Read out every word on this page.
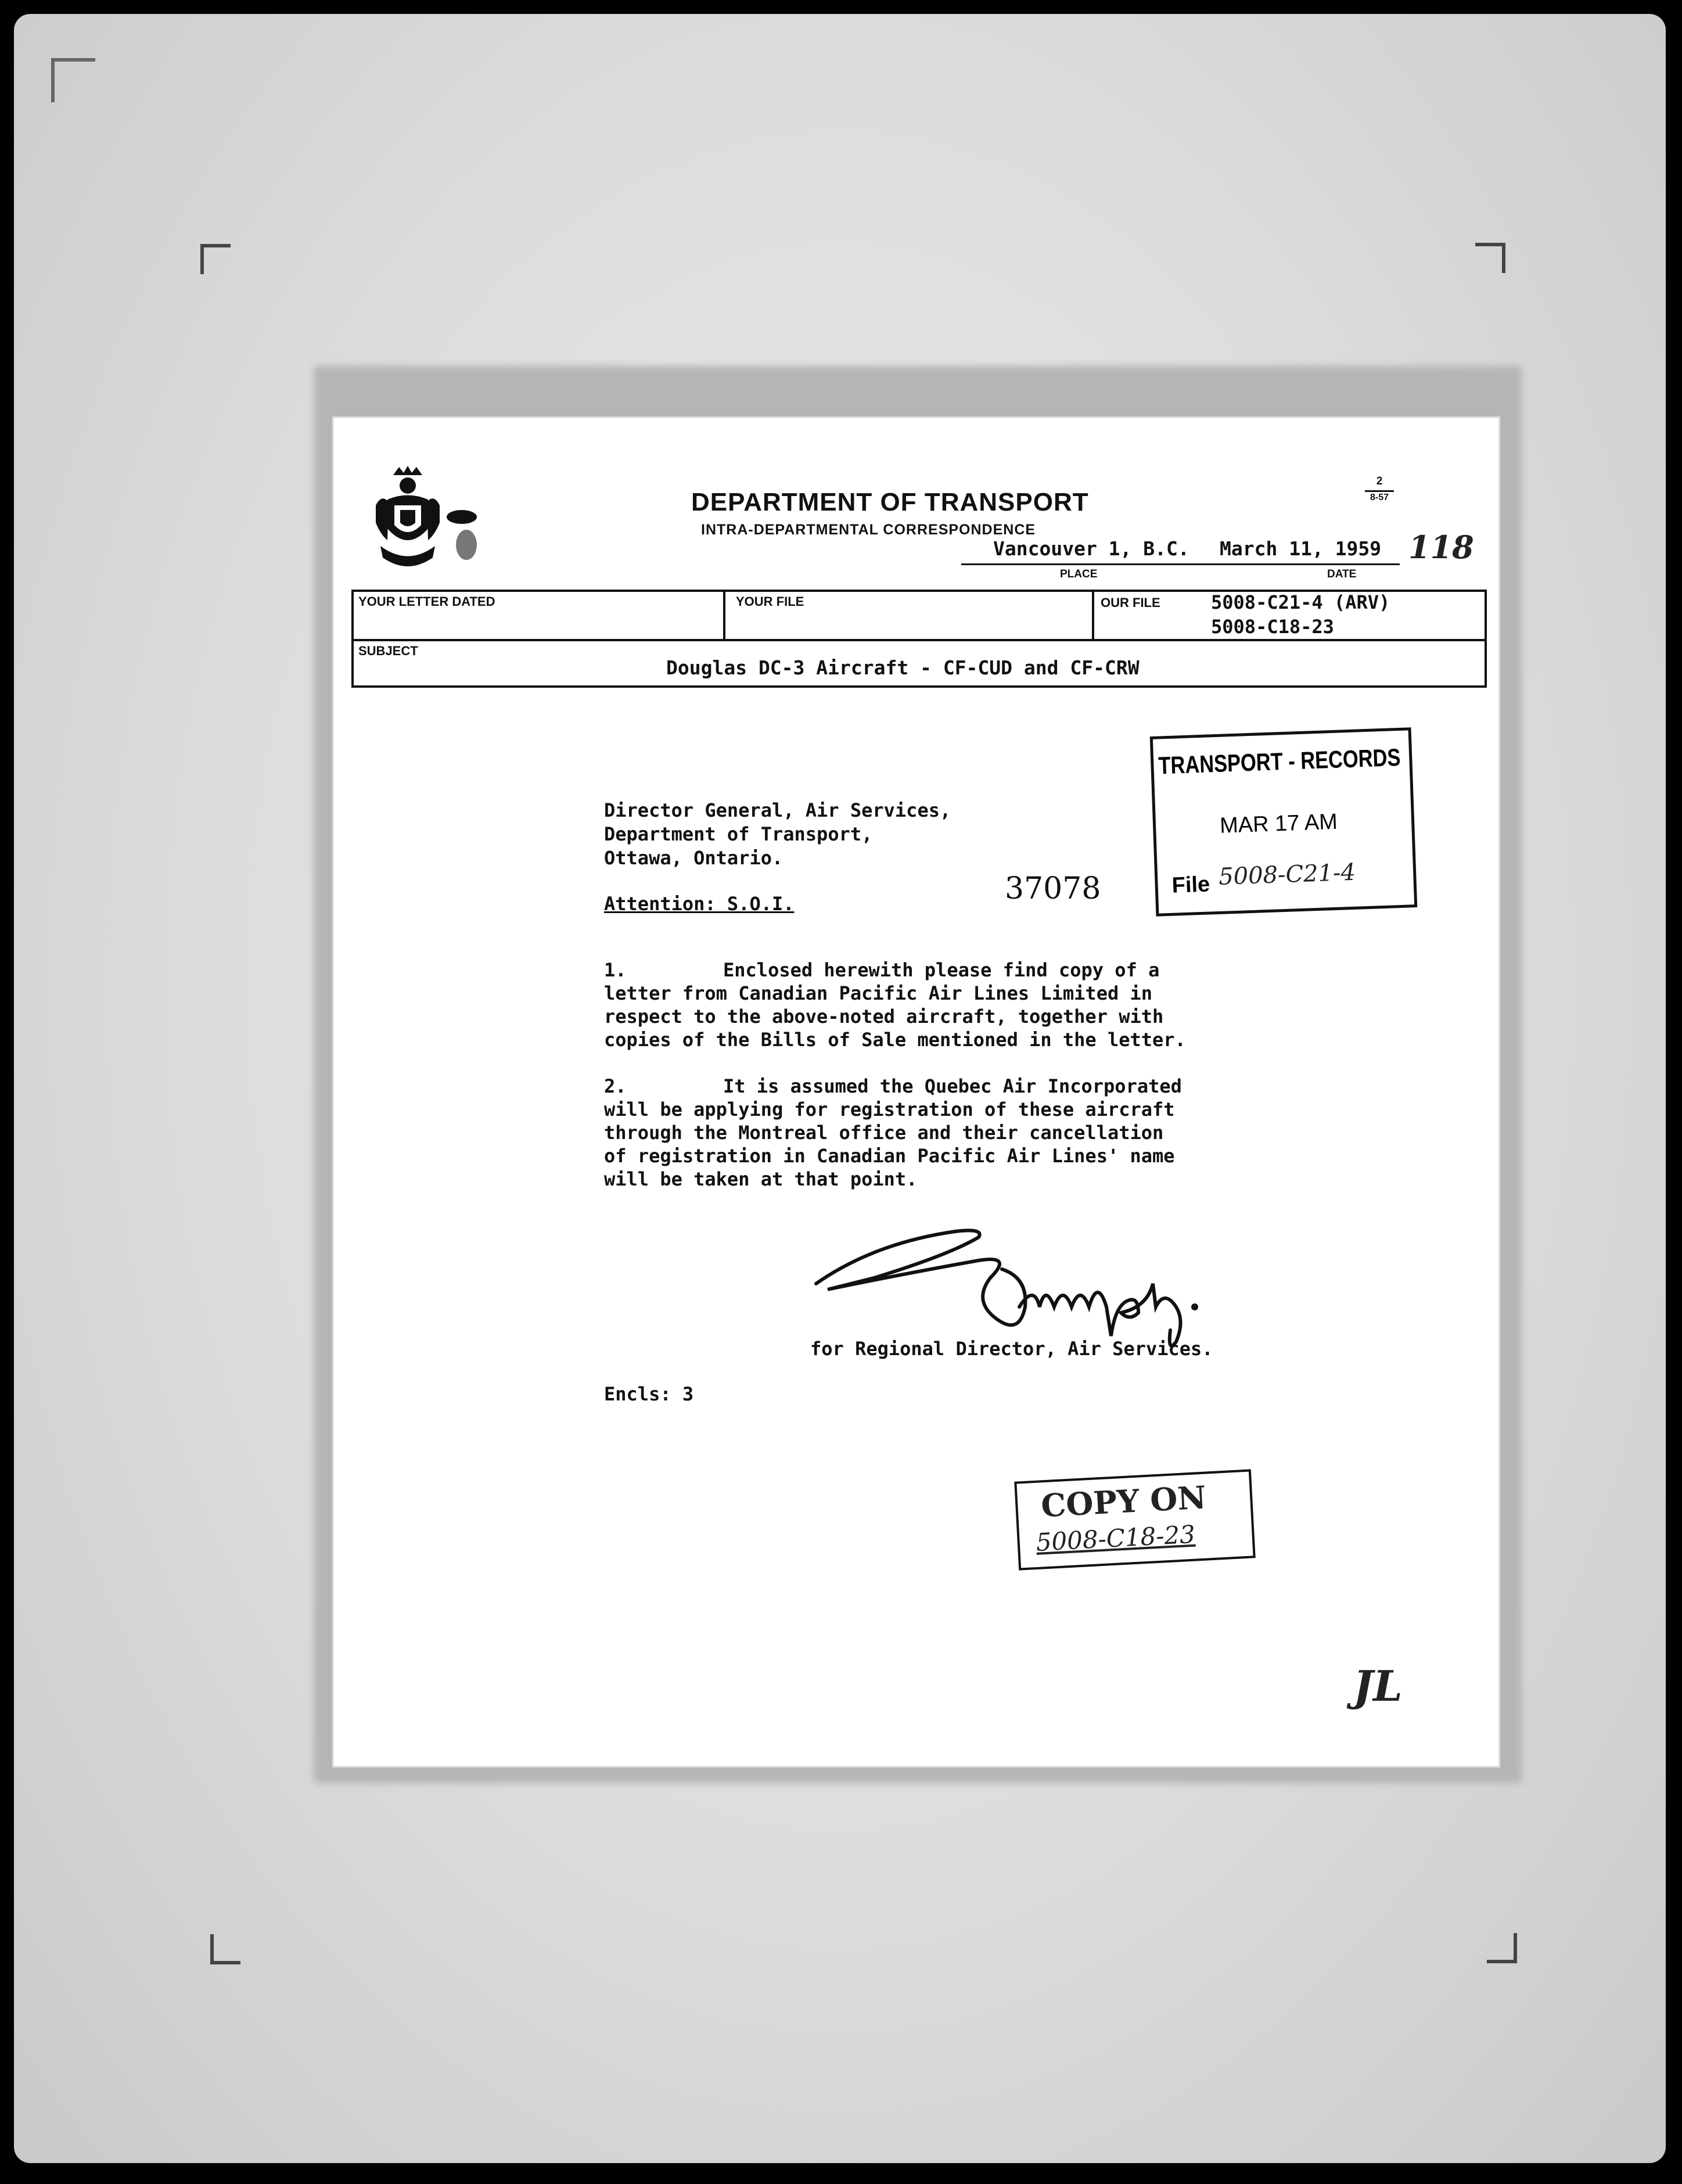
DEPARTMENT OF TRANSPORT
INTRA-DEPARTMENTAL CORRESPONDENCE
2
8-57
Vancouver 1, B.C. March 11, 1959 118
PLACE	DATE
YOUR LETTER DATED	YOUR FILE	OUR FILE	5008-C21-4 (ARV)
5008-C18-23
SUBJECT
Douglas DC-3 Aircraft - CF-CUD and CF-CRW
TRANSPORT - RECORDS
MAR 17 AM
File 5008-C21-4
Director General, Air Services,
Department of Transport,
Ottawa, Ontario.
Attention: S.O.I.	37078
1.	Enclosed herewith please find copy of a
letter from Canadian Pacific Air Lines Limited in
respect to the above-noted aircraft, together with
copies of the Bills of Sale mentioned in the letter.
2.	It is assumed the Quebec Air Incorporated
will be applying for registration of these aircraft
through the Montreal office and their cancellation
of registration in Canadian Pacific Air Lines' name
will be taken at that point.
for Regional Director, Air Services.
Encls: 3
COPY ON
5008-C18-23
JL
